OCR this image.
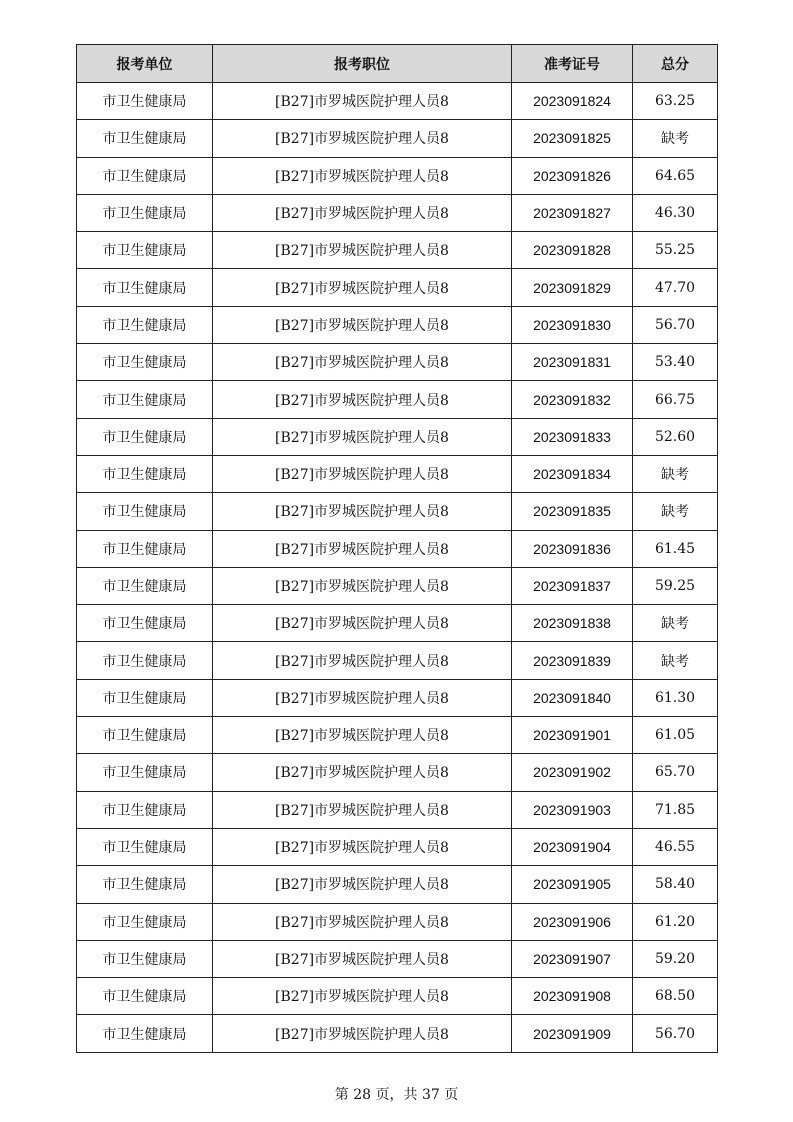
报考单位	报考职位	准考证号	总分
市卫生健康局	[B27]市罗城医院护理人员8	2023091824	63.25
市卫生健康局	[B27]市罗城医院护理人员8	2023091825	缺考
市卫生健康局	[B27]市罗城医院护理人员8	2023091826	64.65
市卫生健康局	[B27]市罗城医院护理人员8	2023091827	46.30
市卫生健康局	[B27]市罗城医院护理人员8	2023091828	55.25
市卫生健康局	[B27]市罗城医院护理人员8	2023091829	47.70
市卫生健康局	[B27]市罗城医院护理人员8	2023091830	56.70
市卫生健康局	[B27]市罗城医院护理人员8	2023091831	53.40
市卫生健康局	[B27]市罗城医院护理人员8	2023091832	66.75
市卫生健康局	[B27]市罗城医院护理人员8	2023091833	52.60
市卫生健康局	[B27]市罗城医院护理人员8	2023091834	缺考
市卫生健康局	[B27]市罗城医院护理人员8	2023091835	缺考
市卫生健康局	[B27]市罗城医院护理人员8	2023091836	61.45
市卫生健康局	[B27]市罗城医院护理人员8	2023091837	59.25
市卫生健康局	[B27]市罗城医院护理人员8	2023091838	缺考
市卫生健康局	[B27]市罗城医院护理人员8	2023091839	缺考
市卫生健康局	[B27]市罗城医院护理人员8	2023091840	61.30
市卫生健康局	[B27]市罗城医院护理人员8	2023091901	61.05
市卫生健康局	[B27]市罗城医院护理人员8	2023091902	65.70
市卫生健康局	[B27]市罗城医院护理人员8	2023091903	71.85
市卫生健康局	[B27]市罗城医院护理人员8	2023091904	46.55
市卫生健康局	[B27]市罗城医院护理人员8	2023091905	58.40
市卫生健康局	[B27]市罗城医院护理人员8	2023091906	61.20
市卫生健康局	[B27]市罗城医院护理人员8	2023091907	59.20
市卫生健康局	[B27]市罗城医院护理人员8	2023091908	68.50
市卫生健康局	[B27]市罗城医院护理人员8	2023091909	56.70
第 28 页，共 37 页
